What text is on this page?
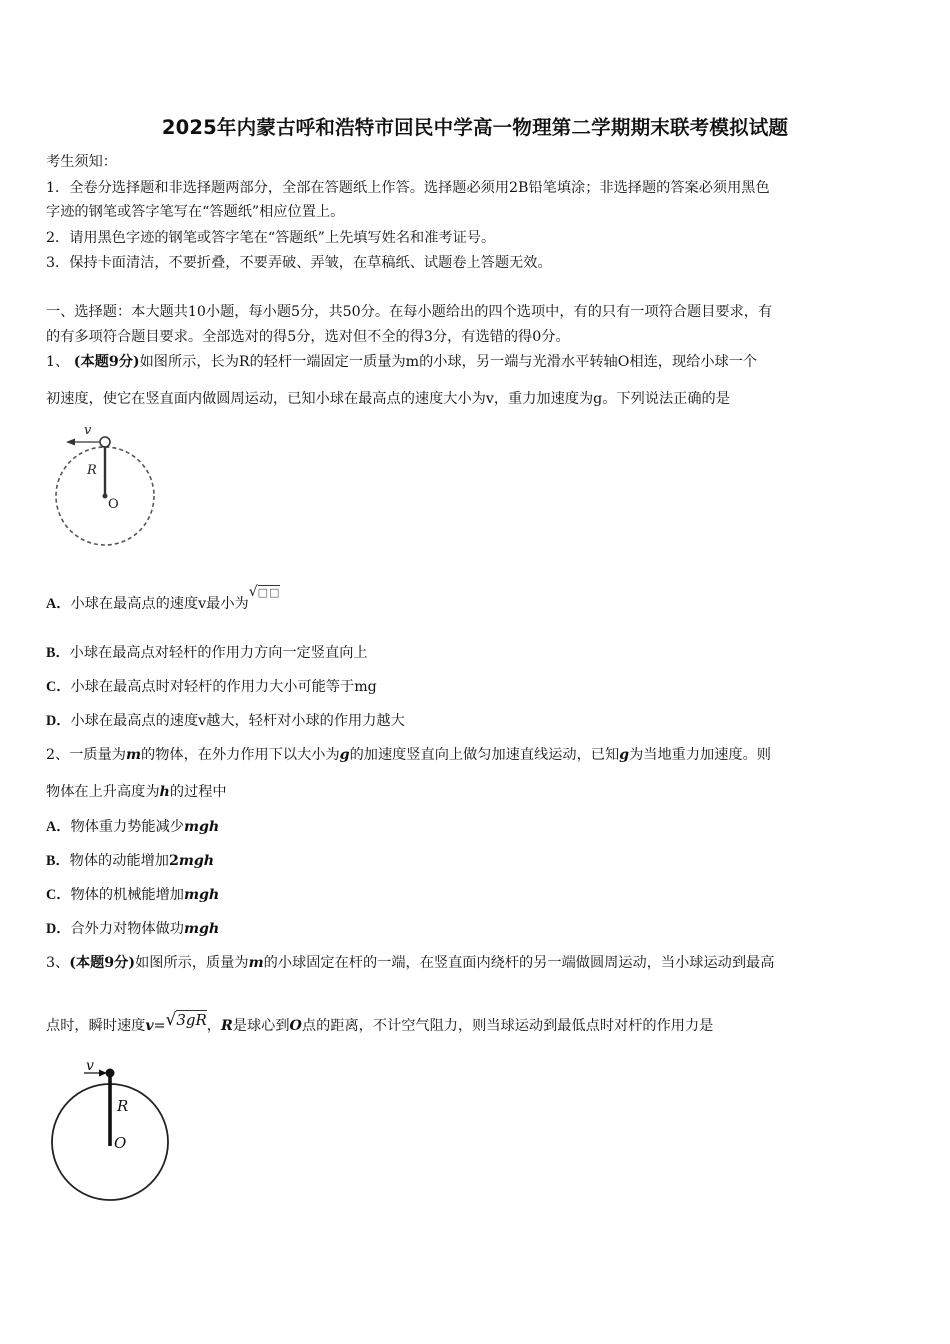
2025年内蒙古呼和浩特市回民中学高一物理第二学期期末联考模拟试题
考生须知：
1．全卷分选择题和非选择题两部分，全部在答题纸上作答。选择题必须用2B铅笔填涂；非选择题的答案必须用黑色
字迹的钢笔或答字笔写在“答题纸”相应位置上。
2．请用黑色字迹的钢笔或答字笔在“答题纸”上先填写姓名和准考证号。
3．保持卡面清洁，不要折叠，不要弄破、弄皱，在草稿纸、试题卷上答题无效。
一、选择题：本大题共10小题，每小题5分，共50分。在每小题给出的四个选项中，有的只有一项符合题目要求，有
的有多项符合题目要求。全部选对的得5分，选对但不全的得3分，有选错的得0分。
1、 (本题9分)如图所示，长为R的轻杆一端固定一质量为m的小球，另一端与光滑水平转轴O相连，现给小球一个
初速度，使它在竖直面内做圆周运动，已知小球在最高点的速度大小为v，重力加速度为g。下列说法正确的是
v
R
O
A．小球在最高点的速度v最小为√□□
B．小球在最高点对轻杆的作用力方向一定竖直向上
C．小球在最高点时对轻杆的作用力大小可能等于mg
D．小球在最高点的速度v越大，轻杆对小球的作用力越大
2、一质量为m的物体，在外力作用下以大小为g的加速度竖直向上做匀加速直线运动，已知g为当地重力加速度。则
物体在上升高度为h的过程中
A．物体重力势能减少mgh
B．物体的动能增加2mgh
C．物体的机械能增加mgh
D．合外力对物体做功mgh
3、(本题9分)如图所示，质量为m的小球固定在杆的一端，在竖直面内绕杆的另一端做圆周运动，当小球运动到最高
点时，瞬时速度v=√3gR，R是球心到O点的距离，不计空气阻力，则当球运动到最低点时对杆的作用力是
v
R
O
